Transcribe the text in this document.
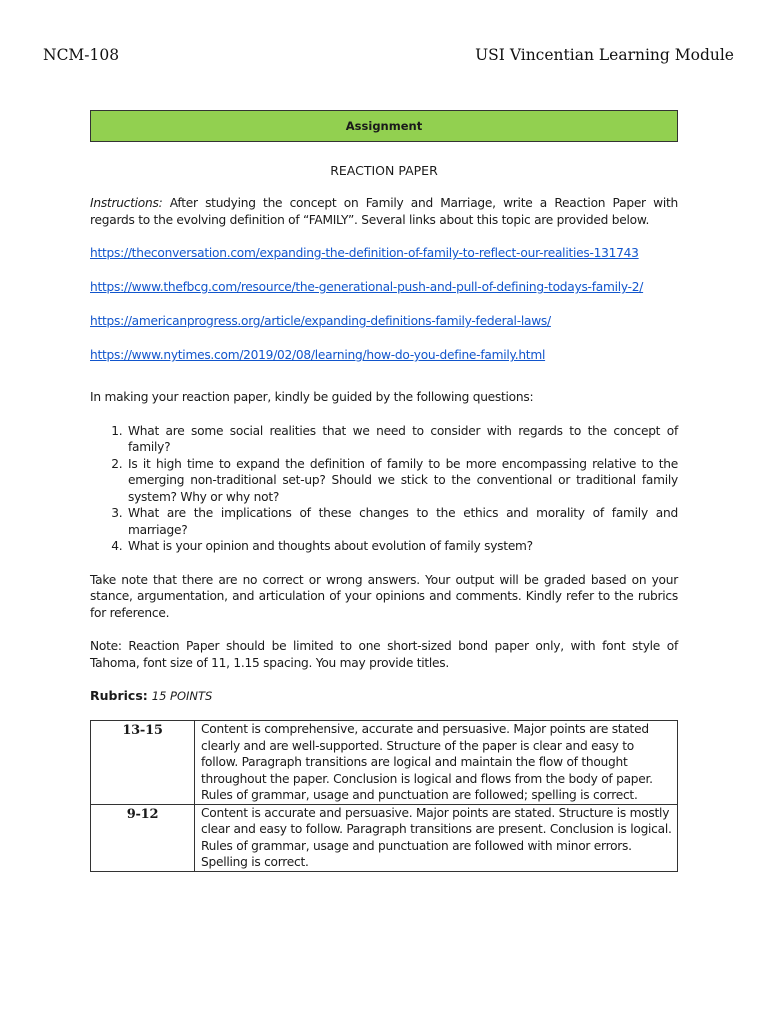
NCM-108	USI Vincentian Learning Module
Assignment
REACTION PAPER

Instructions: After studying the concept on Family and Marriage, write a Reaction Paper with regards to the evolving definition of “FAMILY”. Several links about this topic are provided below.

https://theconversation.com/expanding-the-definition-of-family-to-reflect-our-realities-131743
https://www.thefbcg.com/resource/the-generational-push-and-pull-of-defining-todays-family-2/
https://americanprogress.org/article/expanding-definitions-family-federal-laws/
https://www.nytimes.com/2019/02/08/learning/how-do-you-define-family.html

In making your reaction paper, kindly be guided by the following questions:

1. What are some social realities that we need to consider with regards to the concept of family?
2. Is it high time to expand the definition of family to be more encompassing relative to the emerging non-traditional set-up? Should we stick to the conventional or traditional family system? Why or why not?
3. What are the implications of these changes to the ethics and morality of family and marriage?
4. What is your opinion and thoughts about evolution of family system?

Take note that there are no correct or wrong answers. Your output will be graded based on your stance, argumentation, and articulation of your opinions and comments. Kindly refer to the rubrics for reference.

Note: Reaction Paper should be limited to one short-sized bond paper only, with font style of Tahoma, font size of 11, 1.15 spacing. You may provide titles.

Rubrics: 15 POINTS
13-15	Content is comprehensive, accurate and persuasive. Major points are stated clearly and are well-supported. Structure of the paper is clear and easy to follow. Paragraph transitions are logical and maintain the flow of thought throughout the paper. Conclusion is logical and flows from the body of paper. Rules of grammar, usage and punctuation are followed; spelling is correct.
9-12	Content is accurate and persuasive. Major points are stated. Structure is mostly clear and easy to follow. Paragraph transitions are present. Conclusion is logical. Rules of grammar, usage and punctuation are followed with minor errors. Spelling is correct.
